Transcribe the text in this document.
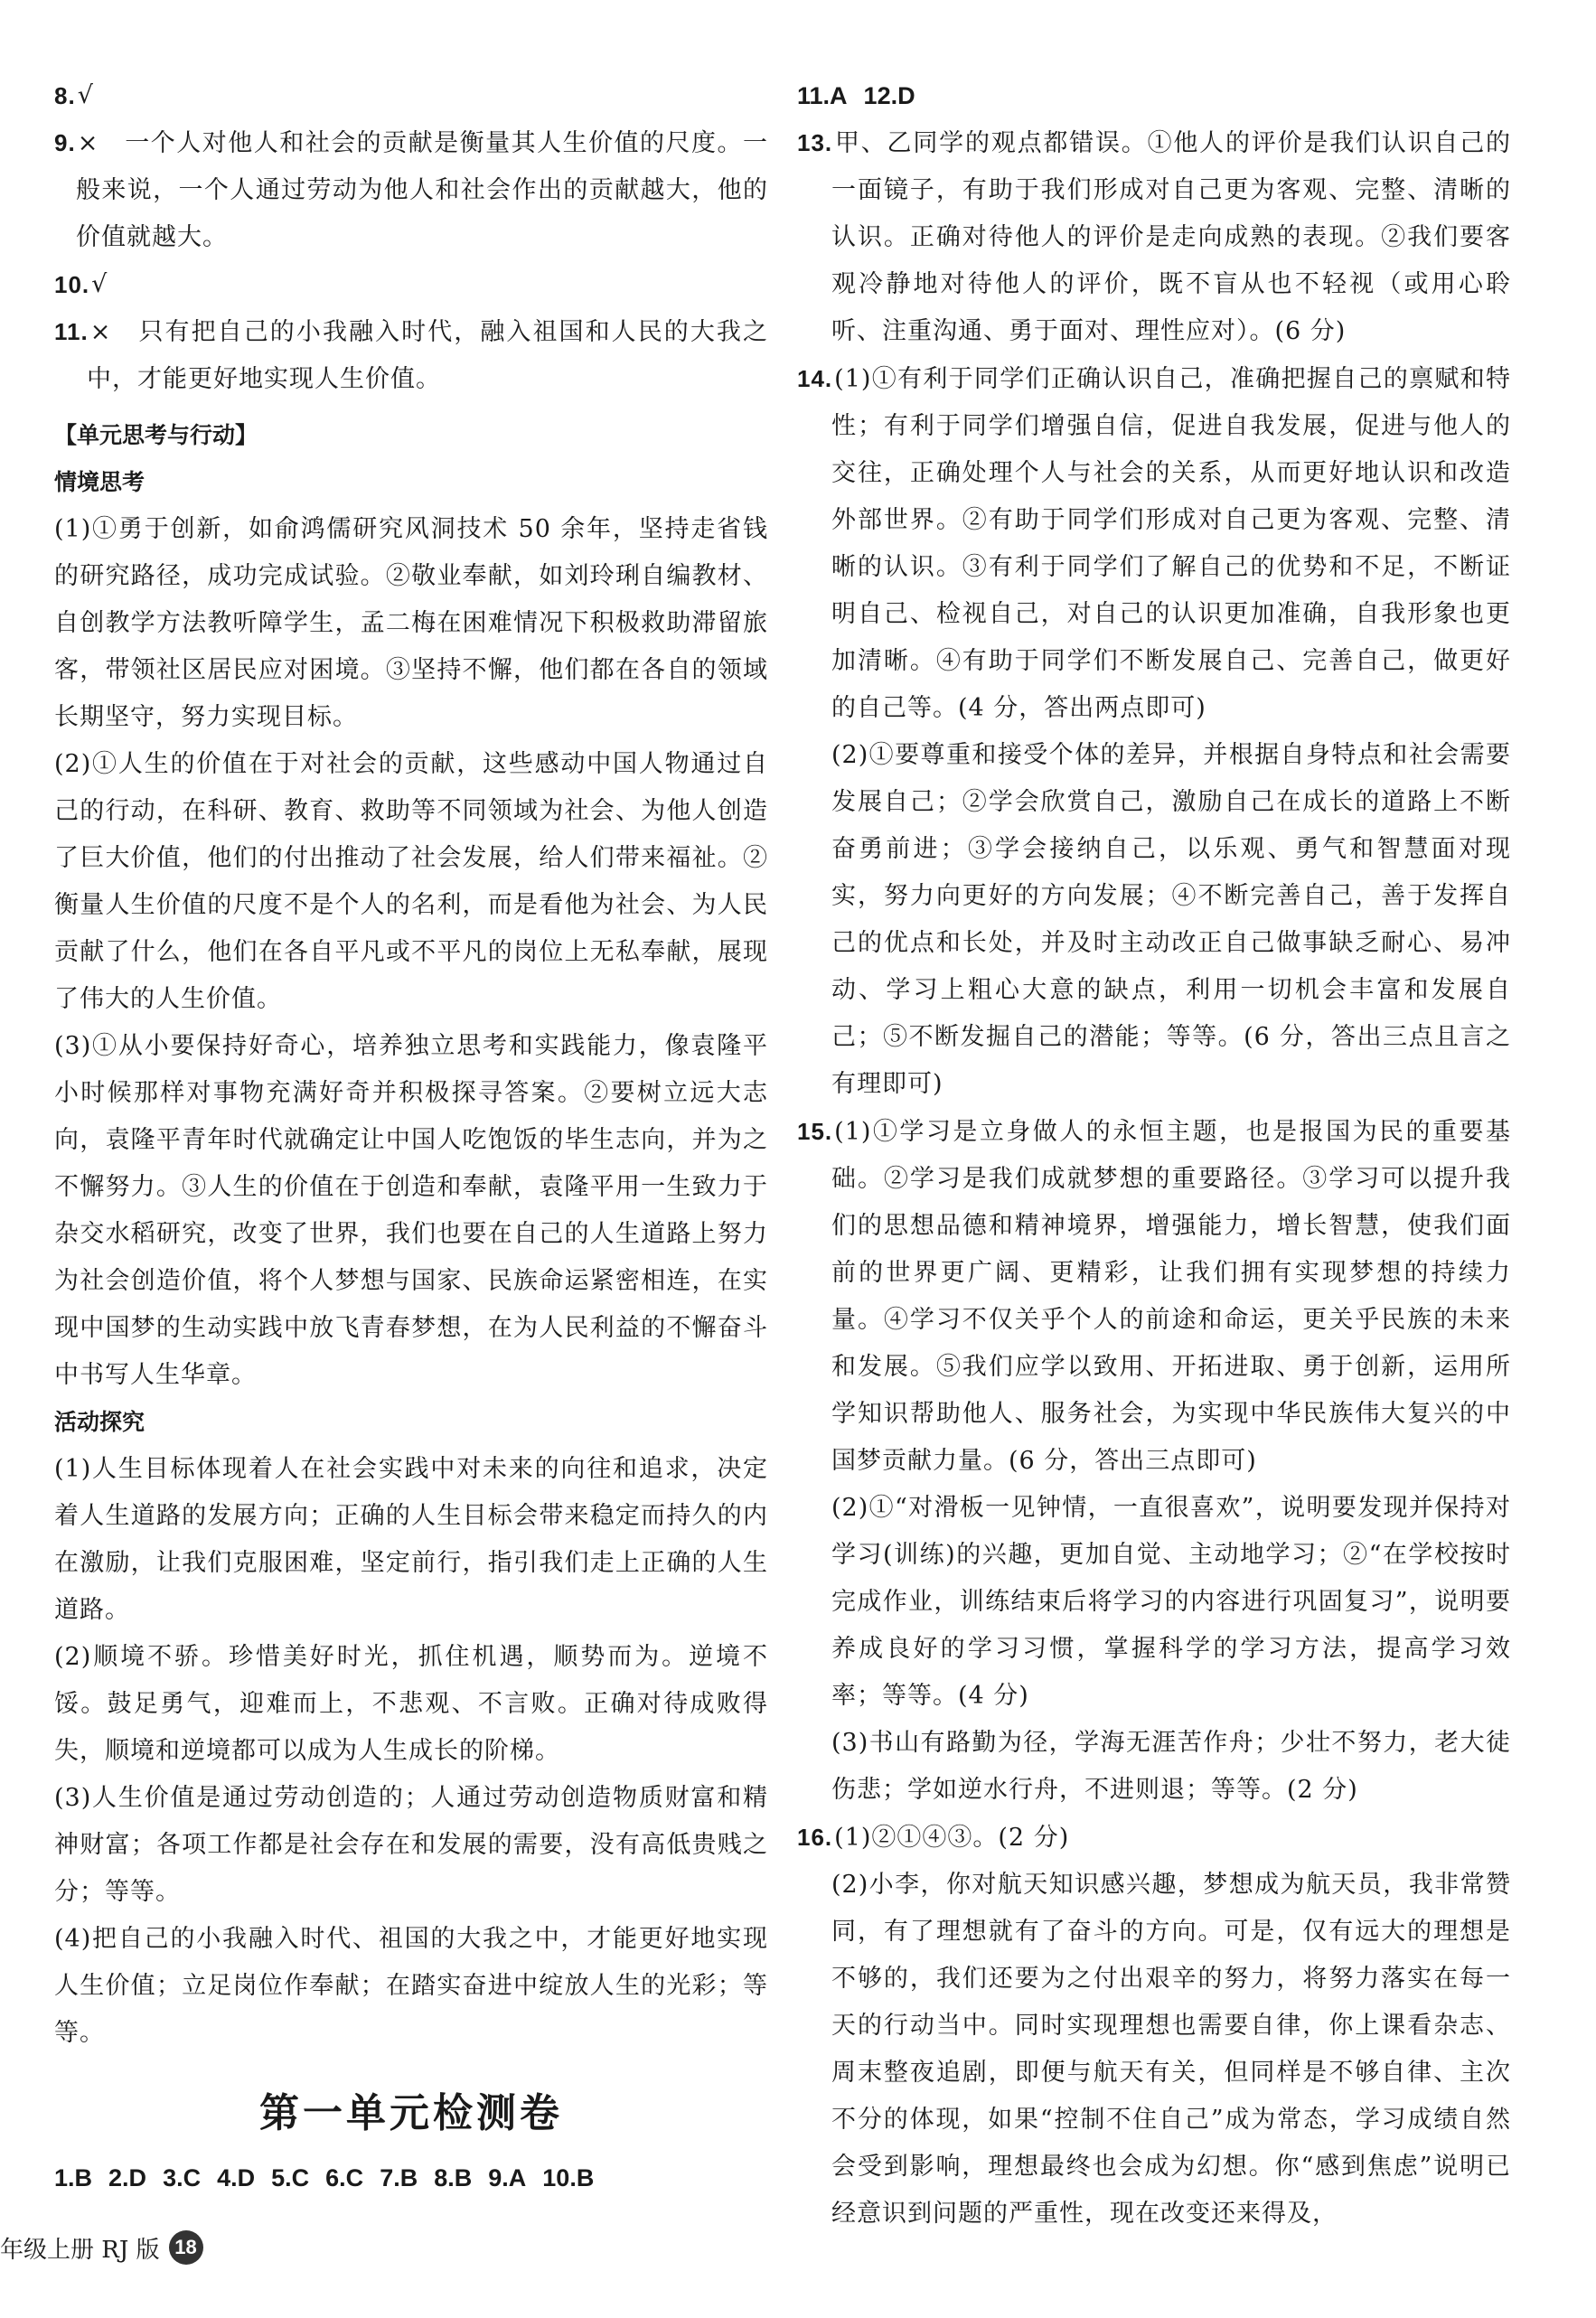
8. √
9.×　一个人对他人和社会的贡献是衡量其人生价值的尺度。一般来说，一个人通过劳动为他人和社会作出的贡献越大，他的价值就越大。
10. √
11.×　只有把自己的小我融入时代，融入祖国和人民的大我之中，才能更好地实现人生价值。
【单元思考与行动】
情境思考

(1)①勇于创新，如俞鸿儒研究风洞技术 50 余年，坚持走省钱的研究路径，成功完成试验。②敬业奉献，如刘玲琍自编教材、自创教学方法教听障学生，孟二梅在困难情况下积极救助滞留旅客，带领社区居民应对困境。③坚持不懈，他们都在各自的领域长期坚守，努力实现目标。

(2)①人生的价值在于对社会的贡献，这些感动中国人物通过自己的行动，在科研、教育、救助等不同领域为社会、为他人创造了巨大价值，他们的付出推动了社会发展，给人们带来福祉。②衡量人生价值的尺度不是个人的名利，而是看他为社会、为人民贡献了什么，他们在各自平凡或不平凡的岗位上无私奉献，展现了伟大的人生价值。

(3)①从小要保持好奇心，培养独立思考和实践能力，像袁隆平小时候那样对事物充满好奇并积极探寻答案。②要树立远大志向，袁隆平青年时代就确定让中国人吃饱饭的毕生志向，并为之不懈努力。③人生的价值在于创造和奉献，袁隆平用一生致力于杂交水稻研究，改变了世界，我们也要在自己的人生道路上努力为社会创造价值，将个人梦想与国家、民族命运紧密相连，在实现中国梦的生动实践中放飞青春梦想，在为人民利益的不懈奋斗中书写人生华章。

活动探究

(1)人生目标体现着人在社会实践中对未来的向往和追求，决定着人生道路的发展方向；正确的人生目标会带来稳定而持久的内在激励，让我们克服困难，坚定前行，指引我们走上正确的人生道路。

(2)顺境不骄。珍惜美好时光，抓住机遇，顺势而为。逆境不馁。鼓足勇气，迎难而上，不悲观、不言败。正确对待成败得失，顺境和逆境都可以成为人生成长的阶梯。

(3)人生价值是通过劳动创造的；人通过劳动创造物质财富和精神财富；各项工作都是社会存在和发展的需要，没有高低贵贱之分；等等。

(4)把自己的小我融入时代、祖国的大我之中，才能更好地实现人生价值；立足岗位作奉献；在踏实奋进中绽放人生的光彩；等等。

第一单元检测卷
1.B 2.D 3.C 4.D 5.C 6.C 7.B 8.B 9.A 10.B
11.A 12.D
13.甲、乙同学的观点都错误。①他人的评价是我们认识自己的一面镜子，有助于我们形成对自己更为客观、完整、清晰的认识。正确对待他人的评价是走向成熟的表现。②我们要客观冷静地对待他人的评价，既不盲从也不轻视（或用心聆听、注重沟通、勇于面对、理性应对）。(6 分)
14.(1)①有利于同学们正确认识自己，准确把握自己的禀赋和特性；有利于同学们增强自信，促进自我发展，促进与他人的交往，正确处理个人与社会的关系，从而更好地认识和改造外部世界。②有助于同学们形成对自己更为客观、完整、清晰的认识。③有利于同学们了解自己的优势和不足，不断证明自己、检视自己，对自己的认识更加准确，自我形象也更加清晰。④有助于同学们不断发展自己、完善自己，做更好的自己等。(4 分，答出两点即可)

(2)①要尊重和接受个体的差异，并根据自身特点和社会需要发展自己；②学会欣赏自己，激励自己在成长的道路上不断奋勇前进；③学会接纳自己，以乐观、勇气和智慧面对现实，努力向更好的方向发展；④不断完善自己，善于发挥自己的优点和长处，并及时主动改正自己做事缺乏耐心、易冲动、学习上粗心大意的缺点，利用一切机会丰富和发展自己；⑤不断发掘自己的潜能；等等。(6 分，答出三点且言之有理即可)

15.(1)①学习是立身做人的永恒主题，也是报国为民的重要基础。②学习是我们成就梦想的重要路径。③学习可以提升我们的思想品德和精神境界，增强能力，增长智慧，使我们面前的世界更广阔、更精彩，让我们拥有实现梦想的持续力量。④学习不仅关乎个人的前途和命运，更关乎民族的未来和发展。⑤我们应学以致用、开拓进取、勇于创新，运用所学知识帮助他人、服务社会，为实现中华民族伟大复兴的中国梦贡献力量。(6 分，答出三点即可)

(2)①“对滑板一见钟情，一直很喜欢”，说明要发现并保持对学习(训练)的兴趣，更加自觉、主动地学习；②“在学校按时完成作业，训练结束后将学习的内容进行巩固复习”，说明要养成良好的学习习惯，掌握科学的学习方法，提高学习效率；等等。(4 分)

(3)书山有路勤为径，学海无涯苦作舟；少壮不努力，老大徒伤悲；学如逆水行舟，不进则退；等等。(2 分)

16.(1)②①④③。(2 分)

(2)小李，你对航天知识感兴趣，梦想成为航天员，我非常赞同，有了理想就有了奋斗的方向。可是，仅有远大的理想是不够的，我们还要为之付出艰辛的努力，将努力落实在每一天的行动当中。同时实现理想也需要自律，你上课看杂志、周末整夜追剧，即便与航天有关，但同样是不够自律、主次不分的体现，如果“控制不住自己”成为常态，学习成绩自然会受到影响，理想最终也会成为幻想。你“感到焦虑”说明已经意识到问题的严重性，现在改变还来得及，

年级上册
RJ 版 18
